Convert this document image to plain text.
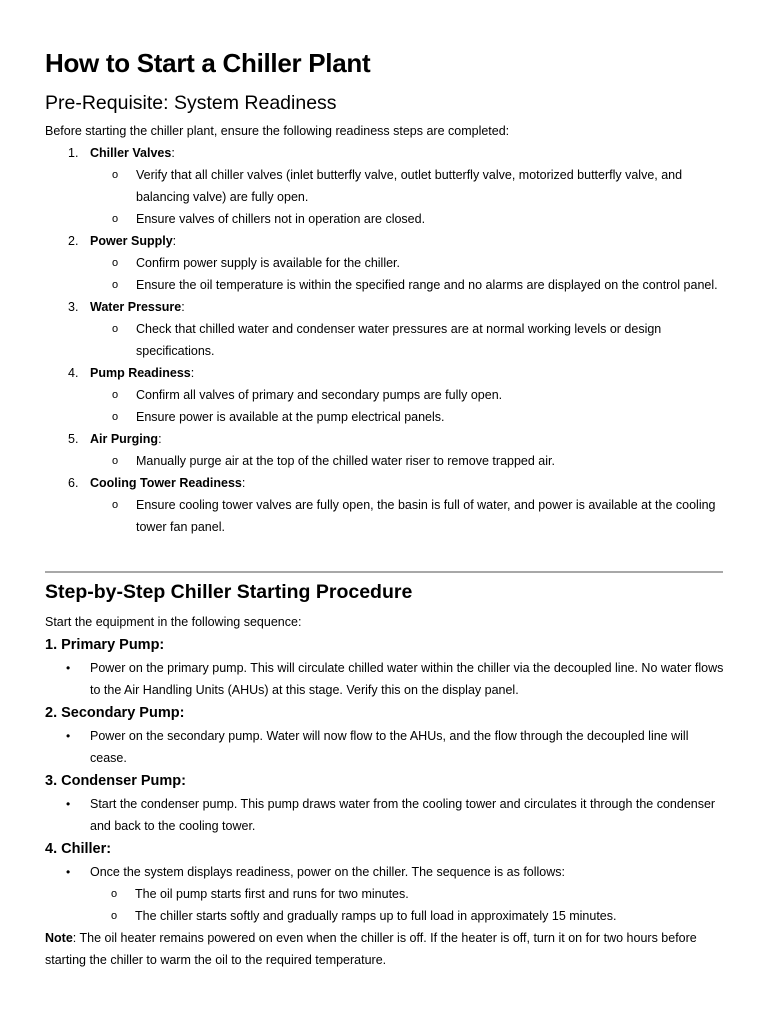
How to Start a Chiller Plant
Pre-Requisite: System Readiness

Before starting the chiller plant, ensure the following readiness steps are completed:

1. Chiller Valves:
o Verify that all chiller valves (inlet butterfly valve, outlet butterfly valve, motorized butterfly valve, and balancing valve) are fully open.
o Ensure valves of chillers not in operation are closed.
2. Power Supply:
o Confirm power supply is available for the chiller.
o Ensure the oil temperature is within the specified range and no alarms are displayed on the control panel.
3. Water Pressure:
o Check that chilled water and condenser water pressures are at normal working levels or design specifications.
4. Pump Readiness:
o Confirm all valves of primary and secondary pumps are fully open.
o Ensure power is available at the pump electrical panels.
5. Air Purging:
o Manually purge air at the top of the chilled water riser to remove trapped air.
6. Cooling Tower Readiness:
o Ensure cooling tower valves are fully open, the basin is full of water, and power is available at the cooling tower fan panel.
Step-by-Step Chiller Starting Procedure

Start the equipment in the following sequence:

1. Primary Pump:
• Power on the primary pump. This will circulate chilled water within the chiller via the decoupled line. No water flows to the Air Handling Units (AHUs) at this stage. Verify this on the display panel.
2. Secondary Pump:
• Power on the secondary pump. Water will now flow to the AHUs, and the flow through the decoupled line will cease.
3. Condenser Pump:
• Start the condenser pump. This pump draws water from the cooling tower and circulates it through the condenser and back to the cooling tower.
4. Chiller:
• Once the system displays readiness, power on the chiller. The sequence is as follows:
o The oil pump starts first and runs for two minutes.
o The chiller starts softly and gradually ramps up to full load in approximately 15 minutes.

Note: The oil heater remains powered on even when the chiller is off. If the heater is off, turn it on for two hours before starting the chiller to warm the oil to the required temperature.
